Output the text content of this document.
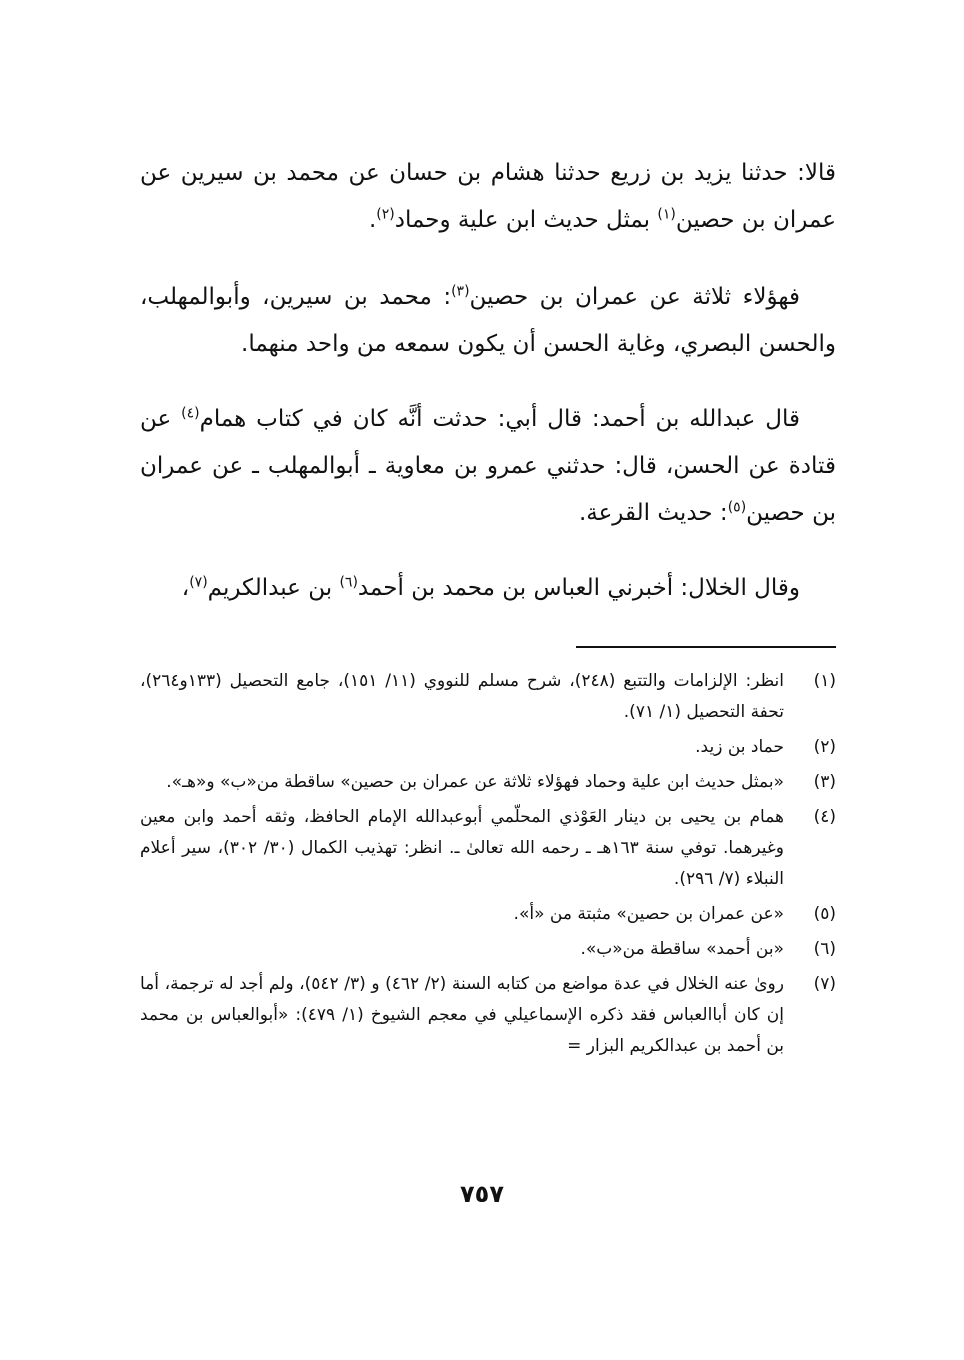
قالا: حدثنا يزيد بن زريع حدثنا هشام بن حسان عن محمد بن سيرين عن عمران بن حصين$^{(١)}$ بمثل حديث ابن علية وحماد$^{(٢)}$.

فهؤلاء ثلاثة عن عمران بن حصين$^{(٣)}$: محمد بن سيرين، وأبوالمهلب، والحسن البصري، وغاية الحسن أن يكون سمعه من واحد منهما.

قال عبدالله بن أحمد: قال أبي: حدثت أنَّه كان في كتاب همام$^{(٤)}$ عن قتادة عن الحسن، قال: حدثني عمرو بن معاوية ـ أبوالمهلب ـ عن عمران بن حصين$^{(٥)}$: حديث القرعة.

وقال الخلال: أخبرني العباس بن محمد بن أحمد$^{(٦)}$ بن عبدالكريم$^{(٧)}$،

(١)
انظر: الإلزامات والتتبع (٢٤٨)، شرح مسلم للنووي (١١/ ١٥١)، جامع التحصيل (١٣٣و٢٦٤)، تحفة التحصيل (١/ ٧١).
(٢)
حماد بن زيد.
(٣)
«بمثل حديث ابن علية وحماد فهؤلاء ثلاثة عن عمران بن حصين» ساقطة من«ب» و«هـ».
(٤)
همام بن يحيى بن دينار العَوْذي المحلّمي أبوعبدالله الإمام الحافظ، وثقه أحمد وابن معين وغيرهما. توفي سنة ١٦٣هـ ـ رحمه الله تعالىٰ ـ. انظر: تهذيب الكمال (٣٠/ ٣٠٢)، سير أعلام النبلاء (٧/ ٢٩٦).
(٥)
«عن عمران بن حصين» مثبتة من «أ».
(٦)
«بن أحمد» ساقطة من«ب».
(٧)
رویٰ عنه الخلال في عدة مواضع من كتابه السنة (٢/ ٤٦٢) و (٣/ ٥٤٢)، ولم أجد له ترجمة، أما إن كان أباالعباس فقد ذكره الإسماعيلي في معجم الشيوخ (١/ ٤٧٩): «أبوالعباس بن محمد بن أحمد بن عبدالكريم البزار =
٧٥٧
